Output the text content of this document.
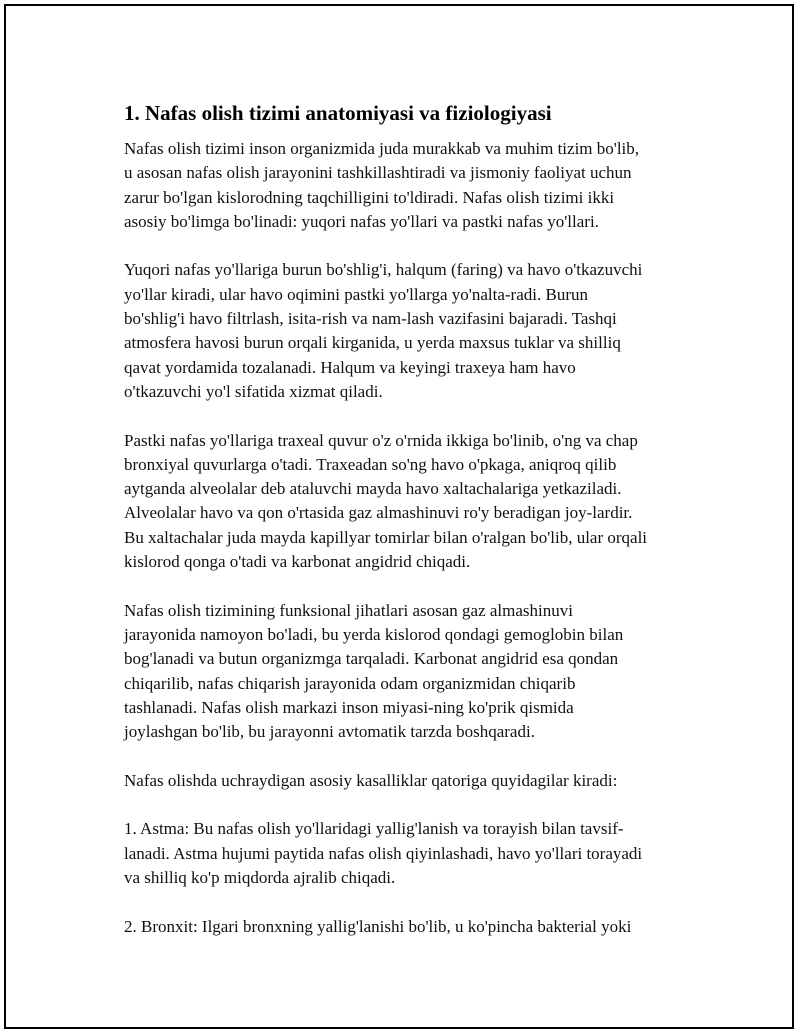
1. Nafas olish tizimi anatomiyasi va fiziologiyasi

Nafas olish tizimi inson organizmida juda murakkab va muhim tizim bo'lib,
u asosan nafas olish jarayonini tashkillashtiradi va jismoniy faoliyat uchun
zarur bo'lgan kislorodning taqchilligini to'ldiradi. Nafas olish tizimi ikki
asosiy bo'limga bo'linadi: yuqori nafas yo'llari va pastki nafas yo'llari.

Yuqori nafas yo'llariga burun bo'shlig'i, halqum (faring) va havo o'tkazuvchi
yo'llar kiradi, ular havo oqimini pastki yo'llarga yo'nalta-radi. Burun
bo'shlig'i havo filtrlash, isita-rish va nam-lash vazifasini bajaradi. Tashqi
atmosfera havosi burun orqali kirganida, u yerda maxsus tuklar va shilliq
qavat yordamida tozalanadi. Halqum va keyingi traxeya ham havo
o'tkazuvchi yo'l sifatida xizmat qiladi.

Pastki nafas yo'llariga traxeal quvur o'z o'rnida ikkiga bo'linib, o'ng va chap
bronxiyal quvurlarga o'tadi. Traxeadan so'ng havo o'pkaga, aniqroq qilib
aytganda alveolalar deb ataluvchi mayda havo xaltachalariga yetkaziladi.
Alveolalar havo va qon o'rtasida gaz almashinuvi ro'y beradigan joy-lardir.
Bu xaltachalar juda mayda kapillyar tomirlar bilan o'ralgan bo'lib, ular orqali
kislorod qonga o'tadi va karbonat angidrid chiqadi.

Nafas olish tizimining funksional jihatlari asosan gaz almashinuvi
jarayonida namoyon bo'ladi, bu yerda kislorod qondagi gemoglobin bilan
bog'lanadi va butun organizmga tarqaladi. Karbonat angidrid esa qondan
chiqarilib, nafas chiqarish jarayonida odam organizmidan chiqarib
tashlanadi. Nafas olish markazi inson miyasi-ning ko'prik qismida
joylashgan bo'lib, bu jarayonni avtomatik tarzda boshqaradi.

Nafas olishda uchraydigan asosiy kasalliklar qatoriga quyidagilar kiradi:

1. Astma: Bu nafas olish yo'llaridagi yallig'lanish va torayish bilan tavsif-
lanadi. Astma hujumi paytida nafas olish qiyinlashadi, havo yo'llari torayadi
va shilliq ko'p miqdorda ajralib chiqadi.

2. Bronxit: Ilgari bronxning yallig'lanishi bo'lib, u ko'pincha bakterial yoki
